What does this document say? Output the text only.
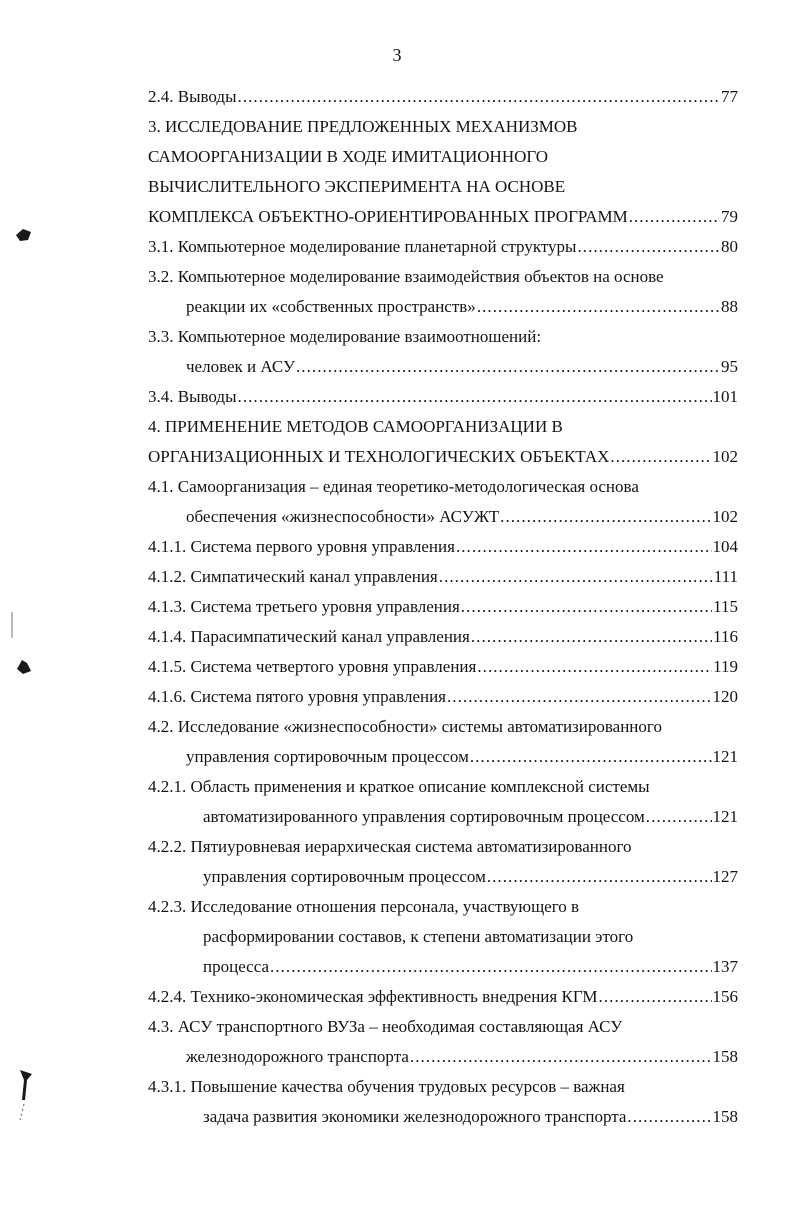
3
2.4. Выводы . . .	77
3. ИССЛЕДОВАНИЕ ПРЕДЛОЖЕННЫХ МЕХАНИЗМОВ
САМООРГАНИЗАЦИИ В ХОДЕ ИМИТАЦИОННОГО
ВЫЧИСЛИТЕЛЬНОГО ЭКСПЕРИМЕНТА НА ОСНОВЕ
КОМПЛЕКСА ОБЪЕКТНО-ОРИЕНТИРОВАННЫХ ПРОГРАММ . . .	79
3.1. Компьютерное моделирование планетарной структуры . . .	80
3.2. Компьютерное моделирование взаимодействия объектов на основе
реакции их «собственных пространств» . . .	88
3.3. Компьютерное моделирование взаимоотношений:
человек и АСУ . . .	95
3.4. Выводы . . .	101
4. ПРИМЕНЕНИЕ МЕТОДОВ САМООРГАНИЗАЦИИ В
ОРГАНИЗАЦИОННЫХ И ТЕХНОЛОГИЧЕСКИХ ОБЪЕКТАХ . . .	102
4.1. Самоорганизация – единая теоретико-методологическая основа
обеспечения «жизнеспособности» АСУЖТ . . .	102
4.1.1. Система первого уровня управления . . .	104
4.1.2. Симпатический канал управления . . .	111
4.1.3. Система третьего уровня управления . . .	115
4.1.4. Парасимпатический канал управления . . .	116
4.1.5. Система четвертого уровня управления . . .	119
4.1.6. Система пятого уровня управления . . .	120
4.2. Исследование «жизнеспособности» системы автоматизированного
управления сортировочным процессом . . .	121
4.2.1. Область применения и краткое описание комплексной системы
автоматизированного управления сортировочным процессом . . .	121
4.2.2. Пятиуровневая иерархическая система автоматизированного
управления сортировочным процессом . . .	127
4.2.3. Исследование отношения персонала, участвующего в
расформировании составов, к степени автоматизации этого
процесса . . .	137
4.2.4. Технико-экономическая эффективность внедрения КГМ . . .	156
4.3. АСУ транспортного ВУЗа – необходимая составляющая АСУ
железнодорожного транспорта . . .	158
4.3.1. Повышение качества обучения трудовых ресурсов – важная
задача развития экономики железнодорожного транспорта . . .	158
